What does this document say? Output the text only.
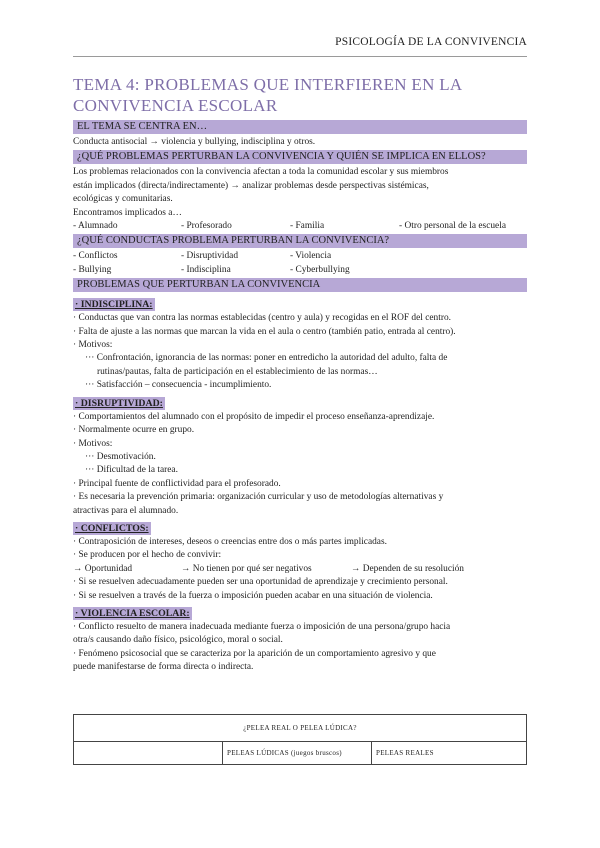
PSICOLOGÍA DE LA CONVIVENCIA
TEMA 4: PROBLEMAS QUE INTERFIEREN EN LA
CONVIVENCIA ESCOLAR
EL TEMA SE CENTRA EN…

Conducta antisocial → violencia y bullying, indisciplina y otros.

¿QUÉ PROBLEMAS PERTURBAN LA CONVIVENCIA Y QUIÉN SE IMPLICA EN ELLOS?

Los problemas relacionados con la convivencia afectan a toda la comunidad escolar y sus miembros

están implicados (directa/indirectamente) → analizar problemas desde perspectivas sistémicas,

ecológicas y comunitarias.

Encontramos implicados a…

- Alumnado	- Profesorado	- Familia	- Otro personal de la escuela
¿QUÉ CONDUCTAS PROBLEMA PERTURBAN LA CONVIVENCIA?
- Conflictos	- Disruptividad	- Violencia
- Bullying	- Indisciplina	- Cyberbullying
PROBLEMAS QUE PERTURBAN LA CONVIVENCIA
· INDISCIPLINA:

· Conductas que van contra las normas establecidas (centro y aula) y recogidas en el ROF del centro.

· Falta de ajuste a las normas que marcan la vida en el aula o centro (también patio, entrada al centro).

· Motivos:

··· Confrontación, ignorancia de las normas: poner en entredicho la autoridad del adulto, falta de

rutinas/pautas, falta de participación en el establecimiento de las normas…

··· Satisfacción – consecuencia - incumplimiento.

· DISRUPTIVIDAD:

· Comportamientos del alumnado con el propósito de impedir el proceso enseñanza-aprendizaje.

· Normalmente ocurre en grupo.

· Motivos:

··· Desmotivación.

··· Dificultad de la tarea.

· Principal fuente de conflictividad para el profesorado.

· Es necesaria la prevención primaria: organización curricular y uso de metodologías alternativas y

atractivas para el alumnado.

· CONFLICTOS:

· Contraposición de intereses, deseos o creencias entre dos o más partes implicadas.

· Se producen por el hecho de convivir:

→ Oportunidad	→ No tienen por qué ser negativos	→ Dependen de su resolución

· Si se resuelven adecuadamente pueden ser una oportunidad de aprendizaje y crecimiento personal.

· Si se resuelven a través de la fuerza o imposición pueden acabar en una situación de violencia.

· VIOLENCIA ESCOLAR:

· Conflicto resuelto de manera inadecuada mediante fuerza o imposición de una persona/grupo hacia

otra/s causando daño físico, psicológico, moral o social.

· Fenómeno psicosocial que se caracteriza por la aparición de un comportamiento agresivo y que

puede manifestarse de forma directa o indirecta.

¿PELEA REAL O PELEA LÚDICA?
	PELEAS LÚDICAS (juegos bruscos)	PELEAS REALES
